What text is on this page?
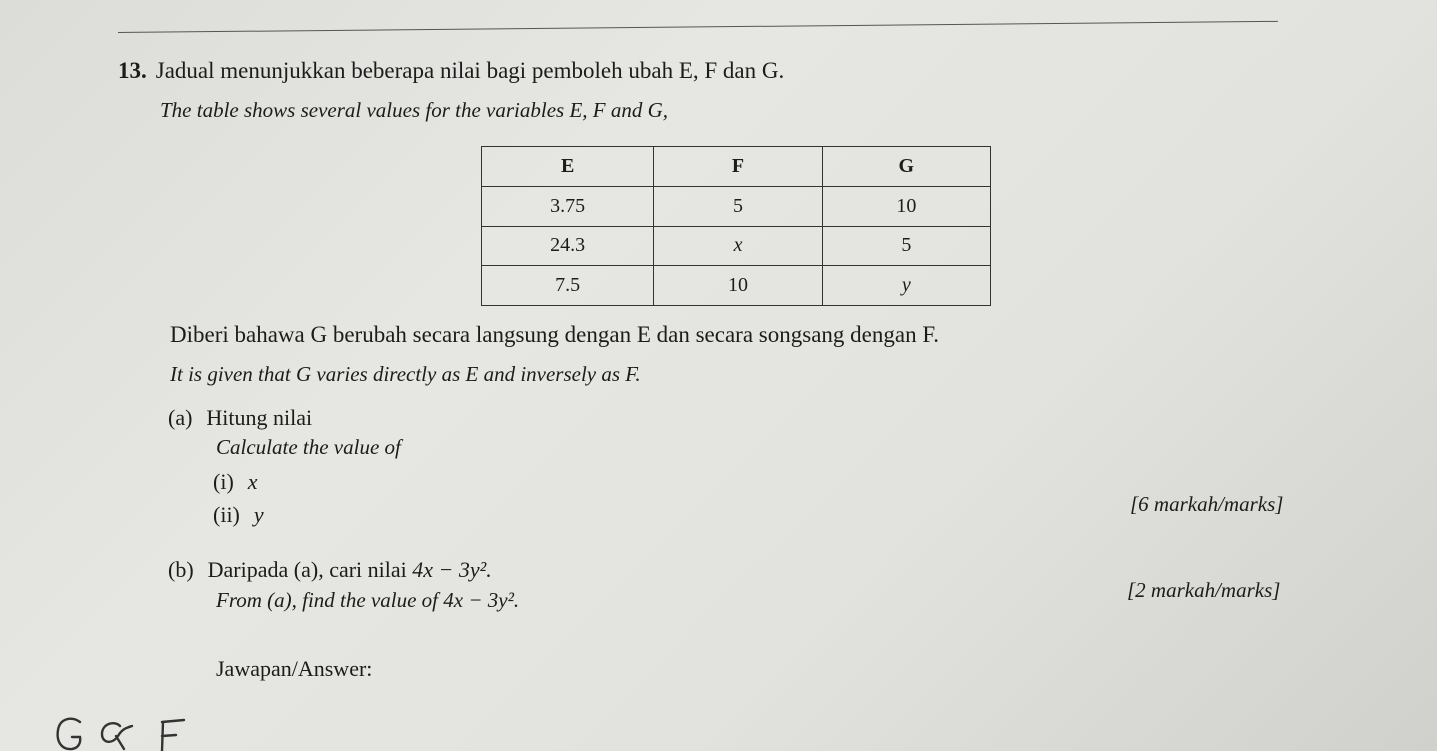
13. Jadual menunjukkan beberapa nilai bagi pemboleh ubah E, F dan G.
The table shows several values for the variables E, F and G,
E	F	G
3.75	5	10
24.3	x	5
7.5	10	y
Diberi bahawa G berubah secara langsung dengan E dan secara songsang dengan F.
It is given that G varies directly as E and inversely as F.
(a) Hitung nilai
Calculate the value of
(i) x
(ii) y	[6 markah/marks]
(b) Daripada (a), cari nilai 4x − 3y².
From (a), find the value of 4x − 3y².	[2 markah/marks]
Jawapan/Answer:
